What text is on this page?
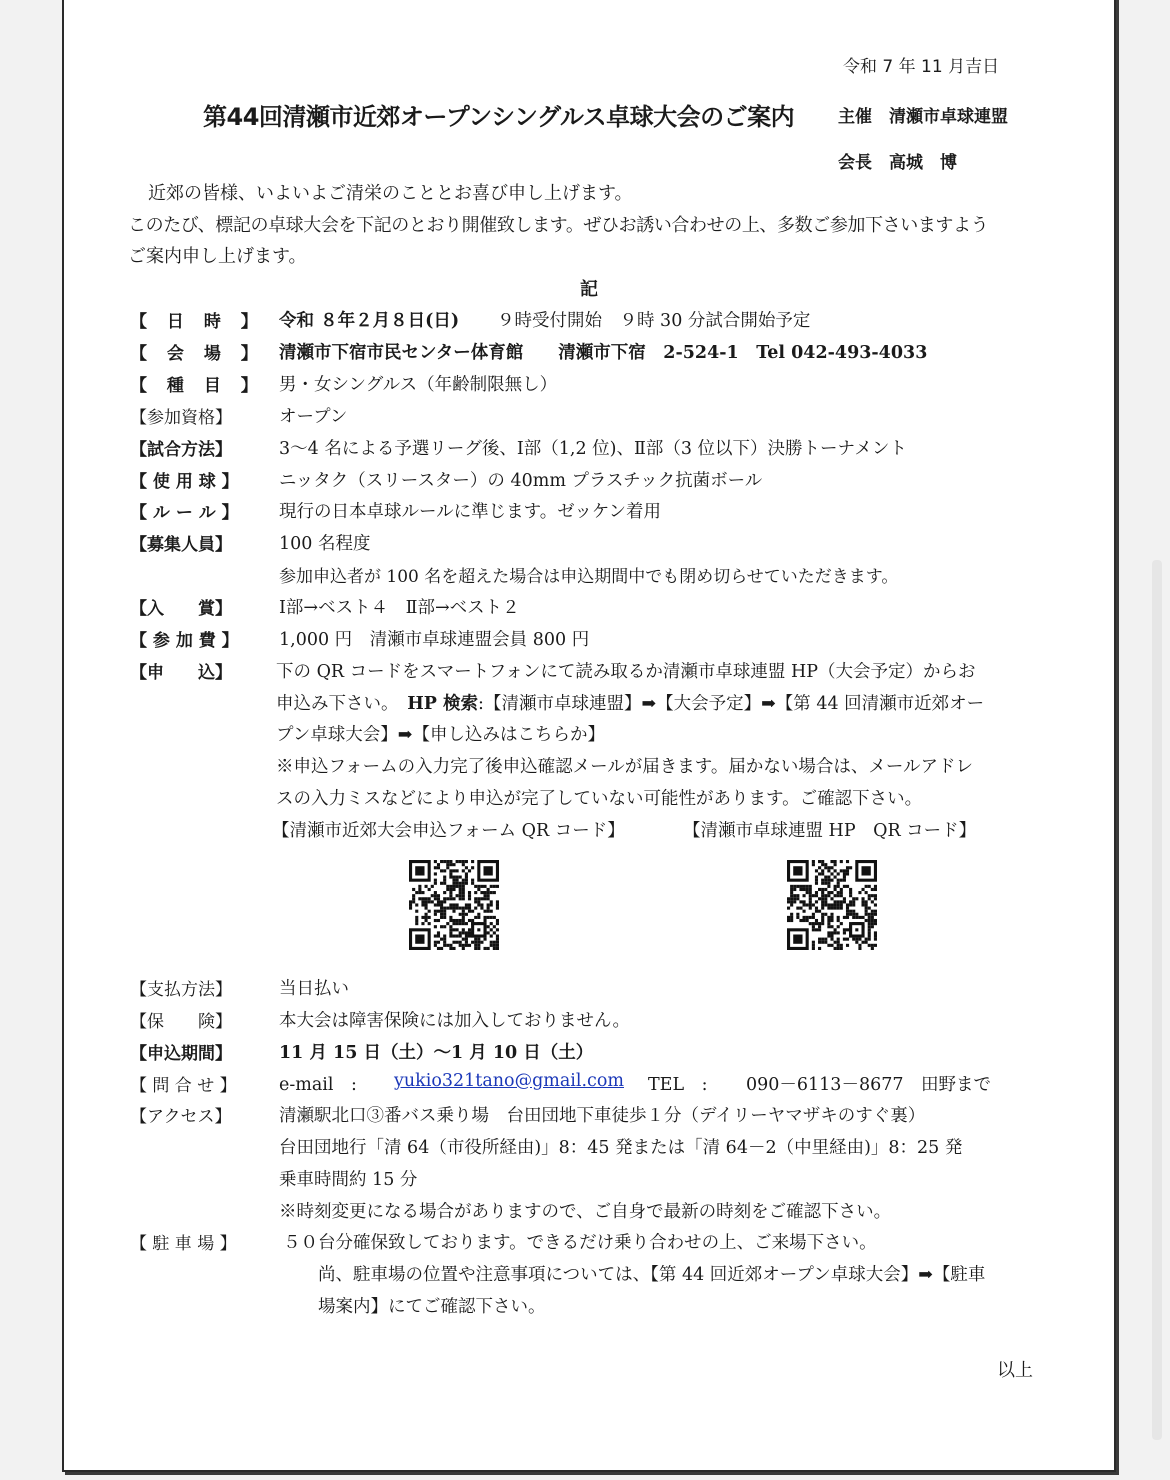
令和 7 年 11 月吉日
第44回清瀬市近郊オープンシングルス卓球大会のご案内	主催　清瀬市卓球連盟
会長　高城　博
近郊の皆様、いよいよご清栄のこととお喜び申し上げます。
このたび、標記の卓球大会を下記のとおり開催致します。ぜひお誘い合わせの上、多数ご参加下さいますよう
ご案内申し上げます。
記
【 日 時 】 令和 ８年２月８日(日) ９時受付開始　９時 30 分試合開始予定
【 会 場 】 清瀬市下宿市民センター体育館　　清瀬市下宿　2-524-1　Tel 042-493-4033
【 種 目 】 男・女シングルス（年齢制限無し）
【参加資格】	オープン
【試合方法】	3〜4 名による予選リーグ後、Ⅰ部（1,2 位)、Ⅱ部（3 位以下）決勝トーナメント
【 使 用 球 】 ニッタク（スリースター）の 40mm プラスチック抗菌ボール
【 ル ー ル 】 現行の日本卓球ルールに準じます。ゼッケン着用
【募集人員】	100 名程度
参加申込者が 100 名を超えた場合は申込期間中でも閉め切らせていただきます。
【入　　賞】	Ⅰ部→ベスト４　Ⅱ部→ベスト２
【 参 加 費 】 1,000 円　清瀬市卓球連盟会員 800 円
【申　　込】	下の QR コードをスマートフォンにて読み取るか清瀬市卓球連盟 HP（大会予定）からお
申込み下さい。　 HP 検索:【清瀬市卓球連盟】➡【大会予定】➡【第 44 回清瀬市近郊オー
プン卓球大会】➡【申し込みはこちらか】
※申込フォームの入力完了後申込確認メールが届きます。届かない場合は、メールアドレ
スの入力ミスなどにより申込が完了していない可能性があります。ご確認下さい。
【清瀬市近郊大会申込フォーム QR コード】	【清瀬市卓球連盟 HP　QR コード】
【支払方法】	当日払い
【保　　険】	本大会は障害保険には加入しておりません。
【申込期間】	11 月 15 日（土）〜1 月 10 日（土）
【 問 合 せ 】 e-mail　: yukio321tano@gmail.com TEL　: 090－6113－8677　田野まで
【アクセス】	清瀬駅北口③番バス乗り場　台田団地下車徒歩１分（デイリーヤマザキのすぐ裏）
台田団地行「清 64（市役所経由)」8：45 発または「清 64－2（中里経由)」8：25 発
乗車時間約 15 分
※時刻変更になる場合がありますので、ご自身で最新の時刻をご確認下さい。
【 駐 車 場 】	５０台分確保致しております。できるだけ乗り合わせの上、ご来場下さい。
尚、駐車場の位置や注意事項については、【第 44 回近郊オープン卓球大会】➡【駐車
場案内】にてご確認下さい。
以上
